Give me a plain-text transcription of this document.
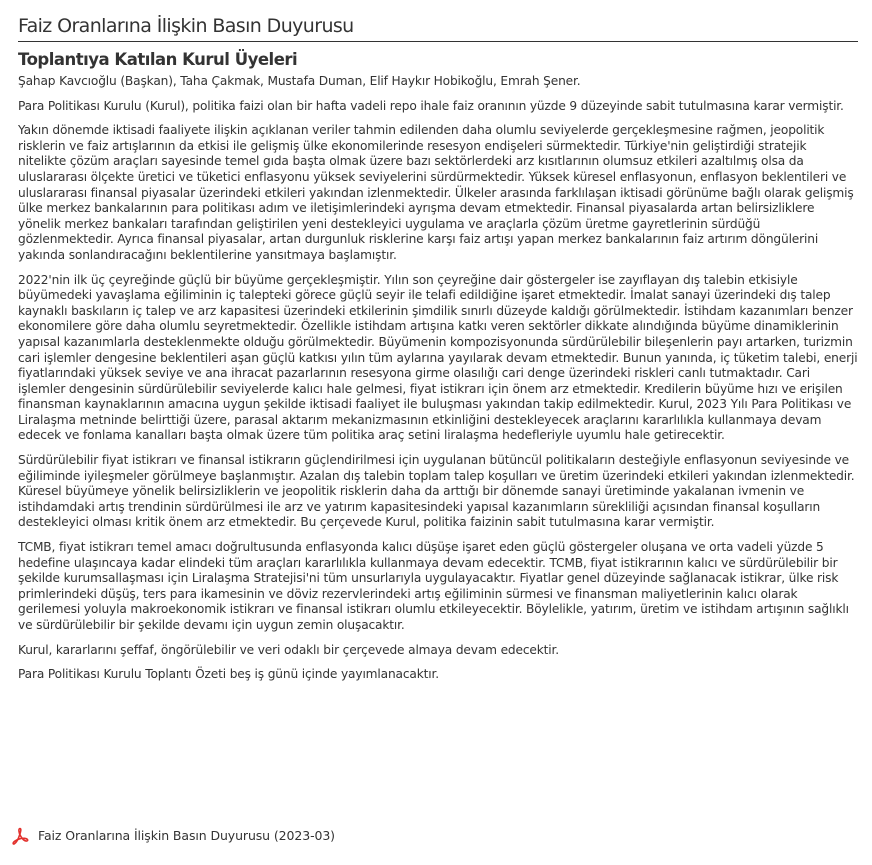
Faiz Oranlarına İlişkin Basın Duyurusu
Toplantıya Katılan Kurul Üyeleri

Şahap Kavcıoğlu (Başkan), Taha Çakmak, Mustafa Duman, Elif Haykır Hobikoğlu, Emrah Şener.

Para Politikası Kurulu (Kurul), politika faizi olan bir hafta vadeli repo ihale faiz oranının yüzde 9 düzeyinde sabit tutulmasına karar vermiştir.

Yakın dönemde iktisadi faaliyete ilişkin açıklanan veriler tahmin edilenden daha olumlu seviyelerde gerçekleşmesine rağmen, jeopolitik risklerin ve faiz artışlarının da etkisi ile gelişmiş ülke ekonomilerinde resesyon endişeleri sürmektedir. Türkiye'nin geliştirdiği stratejik nitelikte çözüm araçları sayesinde temel gıda başta olmak üzere bazı sektörlerdeki arz kısıtlarının olumsuz etkileri azaltılmış olsa da uluslararası ölçekte üretici ve tüketici enflasyonu yüksek seviyelerini sürdürmektedir. Yüksek küresel enflasyonun, enflasyon beklentileri ve uluslararası finansal piyasalar üzerindeki etkileri yakından izlenmektedir. Ülkeler arasında farklılaşan iktisadi görünüme bağlı olarak gelişmiş ülke merkez bankalarının para politikası adım ve iletişimlerindeki ayrışma devam etmektedir. Finansal piyasalarda artan belirsizliklere yönelik merkez bankaları tarafından geliştirilen yeni destekleyici uygulama ve araçlarla çözüm üretme gayretlerinin sürdüğü gözlenmektedir. Ayrıca finansal piyasalar, artan durgunluk risklerine karşı faiz artışı yapan merkez bankalarının faiz artırım döngülerini yakında sonlandıracağını beklentilerine yansıtmaya başlamıştır.

2022'nin ilk üç çeyreğinde güçlü bir büyüme gerçekleşmiştir. Yılın son çeyreğine dair göstergeler ise zayıflayan dış talebin etkisiyle büyümedeki yavaşlama eğiliminin iç talepteki görece güçlü seyir ile telafi edildiğine işaret etmektedir. İmalat sanayi üzerindeki dış talep kaynaklı baskıların iç talep ve arz kapasitesi üzerindeki etkilerinin şimdilik sınırlı düzeyde kaldığı görülmektedir. İstihdam kazanımları benzer ekonomilere göre daha olumlu seyretmektedir. Özellikle istihdam artışına katkı veren sektörler dikkate alındığında büyüme dinamiklerinin yapısal kazanımlarla desteklenmekte olduğu görülmektedir. Büyümenin kompozisyonunda sürdürülebilir bileşenlerin payı artarken, turizmin cari işlemler dengesine beklentileri aşan güçlü katkısı yılın tüm aylarına yayılarak devam etmektedir. Bunun yanında, iç tüketim talebi, enerji fiyatlarındaki yüksek seviye ve ana ihracat pazarlarının resesyona girme olasılığı cari denge üzerindeki riskleri canlı tutmaktadır. Cari işlemler dengesinin sürdürülebilir seviyelerde kalıcı hale gelmesi, fiyat istikrarı için önem arz etmektedir. Kredilerin büyüme hızı ve erişilen finansman kaynaklarının amacına uygun şekilde iktisadi faaliyet ile buluşması yakından takip edilmektedir. Kurul, 2023 Yılı Para Politikası ve Liralaşma metninde belirttiği üzere, parasal aktarım mekanizmasının etkinliğini destekleyecek araçlarını kararlılıkla kullanmaya devam edecek ve fonlama kanalları başta olmak üzere tüm politika araç setini liralaşma hedefleriyle uyumlu hale getirecektir.

Sürdürülebilir fiyat istikrarı ve finansal istikrarın güçlendirilmesi için uygulanan bütüncül politikaların desteğiyle enflasyonun seviyesinde ve eğiliminde iyileşmeler görülmeye başlanmıştır. Azalan dış talebin toplam talep koşulları ve üretim üzerindeki etkileri yakından izlenmektedir. Küresel büyümeye yönelik belirsizliklerin ve jeopolitik risklerin daha da arttığı bir dönemde sanayi üretiminde yakalanan ivmenin ve istihdamdaki artış trendinin sürdürülmesi ile arz ve yatırım kapasitesindeki yapısal kazanımların sürekliliği açısından finansal koşulların destekleyici olması kritik önem arz etmektedir. Bu çerçevede Kurul, politika faizinin sabit tutulmasına karar vermiştir.

TCMB, fiyat istikrarı temel amacı doğrultusunda enflasyonda kalıcı düşüşe işaret eden güçlü göstergeler oluşana ve orta vadeli yüzde 5 hedefine ulaşıncaya kadar elindeki tüm araçları kararlılıkla kullanmaya devam edecektir. TCMB, fiyat istikrarının kalıcı ve sürdürülebilir bir şekilde kurumsallaşması için Liralaşma Stratejisi'ni tüm unsurlarıyla uygulayacaktır. Fiyatlar genel düzeyinde sağlanacak istikrar, ülke risk primlerindeki düşüş, ters para ikamesinin ve döviz rezervlerindeki artış eğiliminin sürmesi ve finansman maliyetlerinin kalıcı olarak gerilemesi yoluyla makroekonomik istikrarı ve finansal istikrarı olumlu etkileyecektir. Böylelikle, yatırım, üretim ve istihdam artışının sağlıklı ve sürdürülebilir bir şekilde devamı için uygun zemin oluşacaktır.

Kurul, kararlarını şeffaf, öngörülebilir ve veri odaklı bir çerçevede almaya devam edecektir.

Para Politikası Kurulu Toplantı Özeti beş iş günü içinde yayımlanacaktır.

Faiz Oranlarına İlişkin Basın Duyurusu (2023-03)
